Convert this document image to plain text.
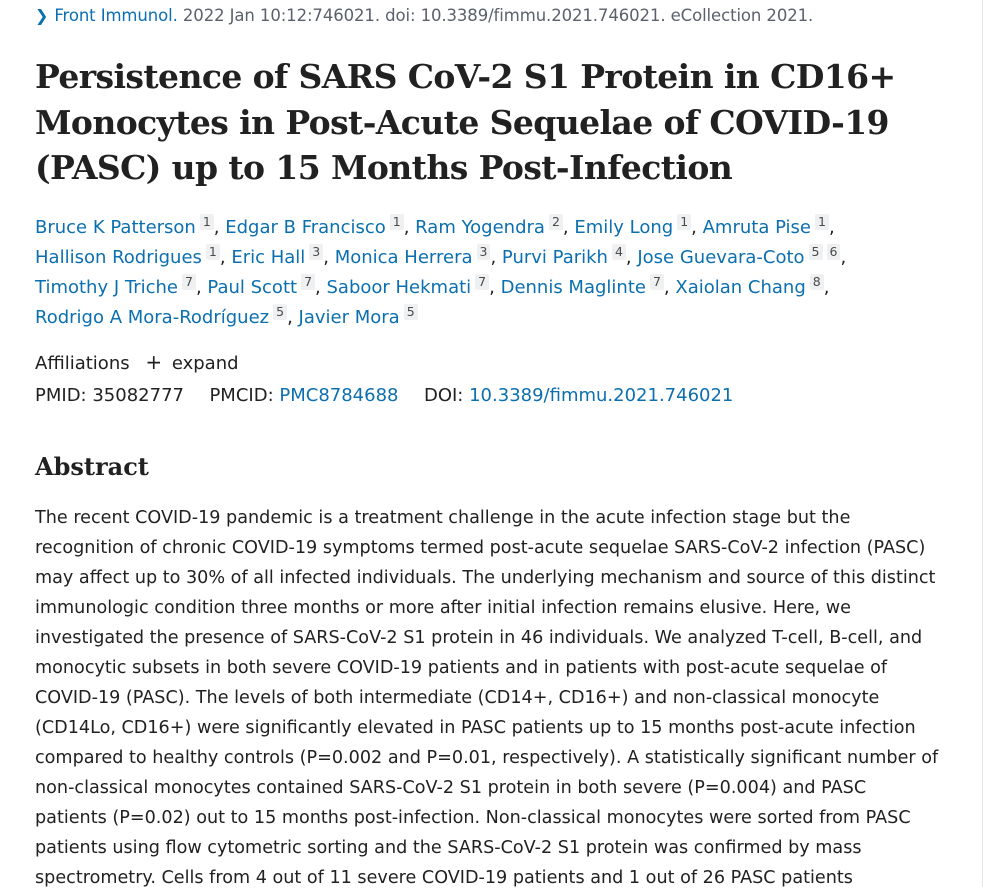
❯ Front Immunol. 2022 Jan 10:12:746021. doi: 10.3389/fimmu.2021.746021. eCollection 2021.
Persistence of SARS CoV-2 S1 Protein in CD16+
Monocytes in Post-Acute Sequelae of COVID-19
(PASC) up to 15 Months Post-Infection
Bruce K Patterson $^1$ , Edgar B Francisco $^1$ , Ram Yogendra $^2$ , Emily Long $^1$ , Amruta Pise $^1$ ,
Hallison Rodrigues $^1$ , Eric Hall $^3$ , Monica Herrera $^3$ , Purvi Parikh $^4$ , Jose Guevara-Coto $^5$ $^6$ ,
Timothy J Triche $^7$ , Paul Scott $^7$ , Saboor Hekmati $^7$ , Dennis Maglinte $^7$ , Xaiolan Chang $^8$ ,
Rodrigo A Mora-Rodríguez $^5$ , Javier Mora $^5$
Affiliations + expand
PMID: 35082777 PMCID: PMC8784688 DOI: 10.3389/fimmu.2021.746021
Abstract

The recent COVID-19 pandemic is a treatment challenge in the acute infection stage but the
recognition of chronic COVID-19 symptoms termed post-acute sequelae SARS-CoV-2 infection (PASC)
may affect up to 30% of all infected individuals. The underlying mechanism and source of this distinct
immunologic condition three months or more after initial infection remains elusive. Here, we
investigated the presence of SARS-CoV-2 S1 protein in 46 individuals. We analyzed T-cell, B-cell, and
monocytic subsets in both severe COVID-19 patients and in patients with post-acute sequelae of
COVID-19 (PASC). The levels of both intermediate (CD14+, CD16+) and non-classical monocyte
(CD14Lo, CD16+) were significantly elevated in PASC patients up to 15 months post-acute infection
compared to healthy controls (P=0.002 and P=0.01, respectively). A statistically significant number of
non-classical monocytes contained SARS-CoV-2 S1 protein in both severe (P=0.004) and PASC
patients (P=0.02) out to 15 months post-infection. Non-classical monocytes were sorted from PASC
patients using flow cytometric sorting and the SARS-CoV-2 S1 protein was confirmed by mass
spectrometry. Cells from 4 out of 11 severe COVID-19 patients and 1 out of 26 PASC patients
